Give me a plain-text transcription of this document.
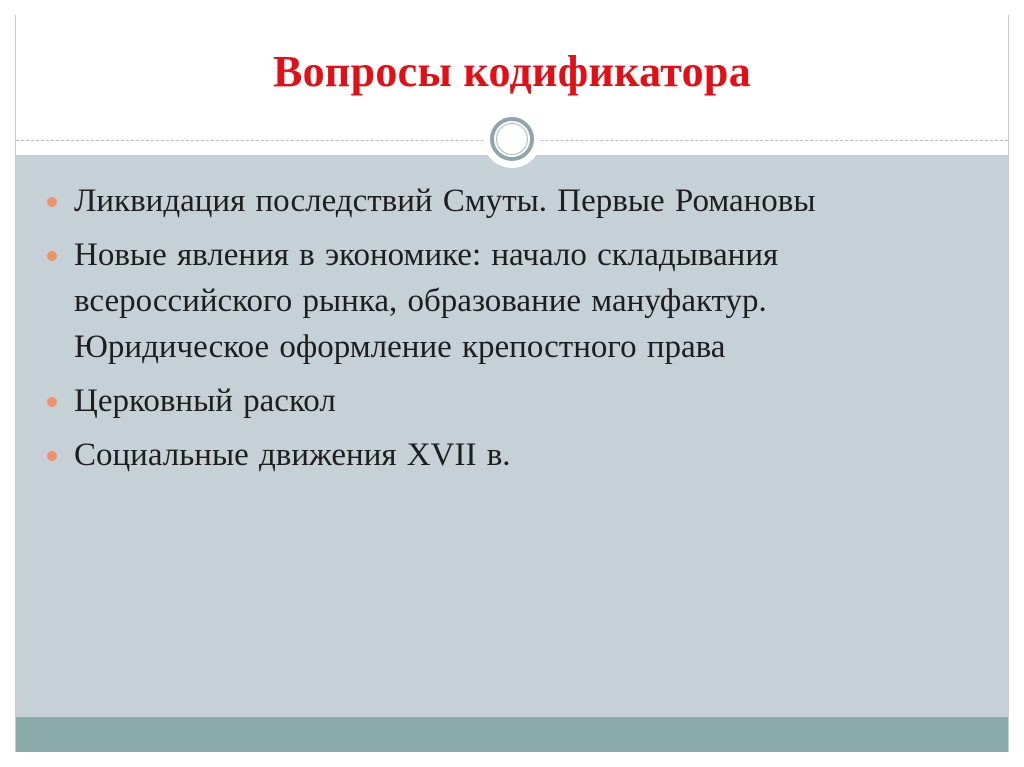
Вопросы кодификатора
Ликвидация последствий Смуты. Первые Романовы
Новые явления в экономике: начало складывания всероссийского рынка, образование мануфактур. Юридическое оформление крепостного права
Церковный раскол
Социальные движения XVII в.
